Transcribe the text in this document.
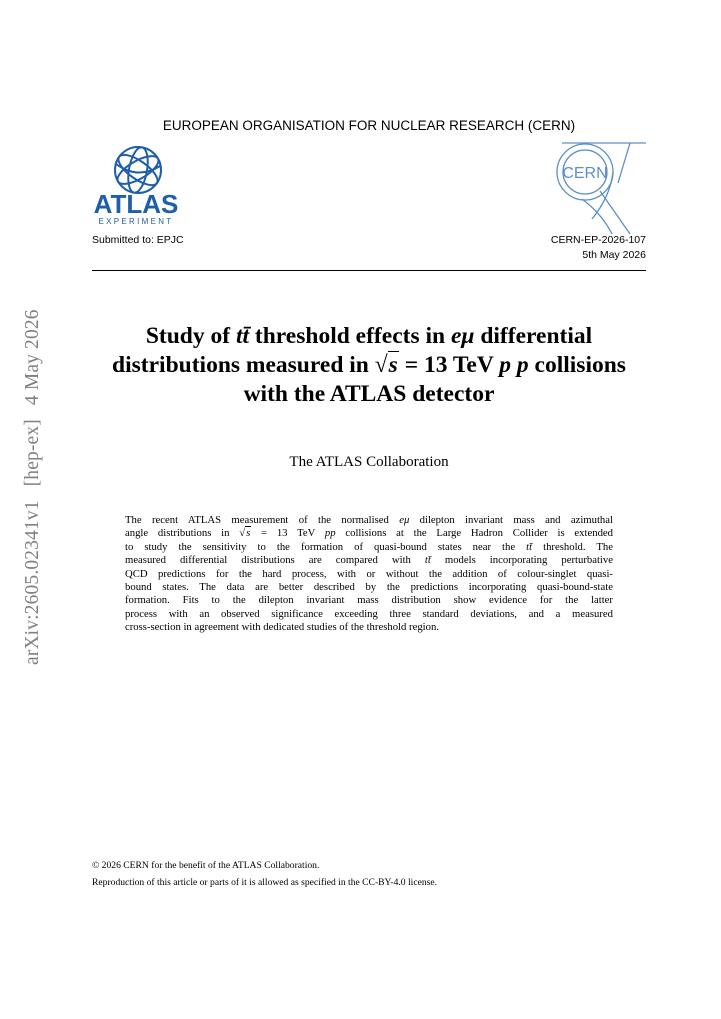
arXiv:2605.02341v1[hep-ex]4 May 2026
EUROPEAN ORGANISATION FOR NUCLEAR RESEARCH (CERN)
ATLAS
EXPERIMENT
CERN
Submitted to: EPJC	CERN-EP-2026-107
5th May 2026
Study of tt̄ threshold effects in eμ differential
distributions measured in √s = 13 TeV p p collisions
with the ATLAS detector
The ATLAS Collaboration
The recent ATLAS measurement of the normalised eμ dilepton invariant mass and azimuthal
angle distributions in √s = 13 TeV pp collisions at the Large Hadron Collider is extended
to study the sensitivity to the formation of quasi-bound states near the tt̄ threshold. The
measured differential distributions are compared with tt̄ models incorporating perturbative
QCD predictions for the hard process, with or without the addition of colour-singlet quasi-
bound states. The data are better described by the predictions incorporating quasi-bound-state
formation. Fits to the dilepton invariant mass distribution show evidence for the latter
process with an observed significance exceeding three standard deviations, and a measured
cross-section in agreement with dedicated studies of the threshold region.
© 2026 CERN for the benefit of the ATLAS Collaboration.
Reproduction of this article or parts of it is allowed as specified in the CC-BY-4.0 license.
